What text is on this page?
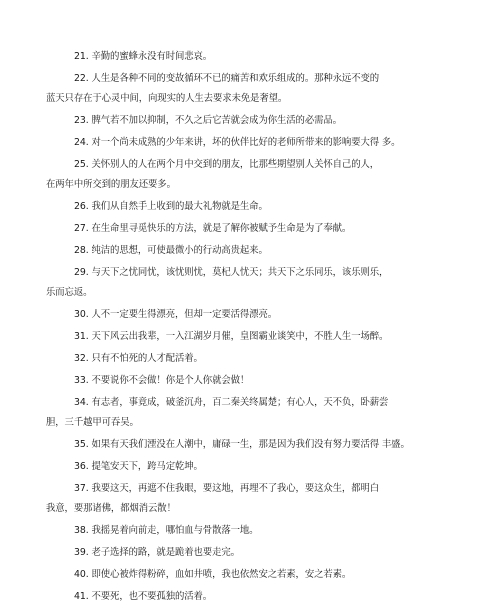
21. 辛勤的蜜蜂永没有时间悲哀。
22. 人生是各种不同的变故循环不已的痛苦和欢乐组成的。那种永远不变的
蓝天只存在于心灵中间，向现实的人生去要求未免是奢望。
23. 脾气若不加以抑制，不久之后它苦就会成为你生活的必需品。
24. 对一个尚未成熟的少年来讲，坏的伙伴比好的老师所带来的影响要大得 多。
25. 关怀别人的人在两个月中交到的朋友，比那些期望别人关怀自己的人，
在两年中所交到的朋友还要多。
26. 我们从自然手上收到的最大礼物就是生命。
27. 在生命里寻觅快乐的方法，就是了解你被赋予生命是为了奉献。
28. 纯洁的思想，可使最微小的行动高贵起来。
29. 与天下之忧同忧，该忧则忧，莫杞人忧天；共天下之乐同乐，该乐则乐，
乐而忘返。
30. 人不一定要生得漂亮，但却一定要活得漂亮。
31. 天下风云出我辈，一入江湖岁月催，皇图霸业谈笑中，不胜人生一场醉。
32. 只有不怕死的人才配活着。
33. 不要说你不会做！你是个人你就会做！
34. 有志者，事竟成，破釜沉舟，百二秦关终属楚；有心人，天不负，卧薪尝
胆，三千越甲可吞吴。
35. 如果有天我们湮没在人潮中，庸碌一生，那是因为我们没有努力要活得 丰盛。
36. 提笔安天下，跨马定乾坤。
37. 我要这天，再遮不住我眼，要这地，再埋不了我心，要这众生，都明白
我意，要那诸佛，都烟消云散！
38. 我摇晃着向前走，哪怕血与骨散落一地。
39. 老子选择的路，就是跪着也要走完。
40. 即使心被炸得粉碎，血如井喷，我也依然安之若素，安之若素。
41. 不要死，也不要孤独的活着。
